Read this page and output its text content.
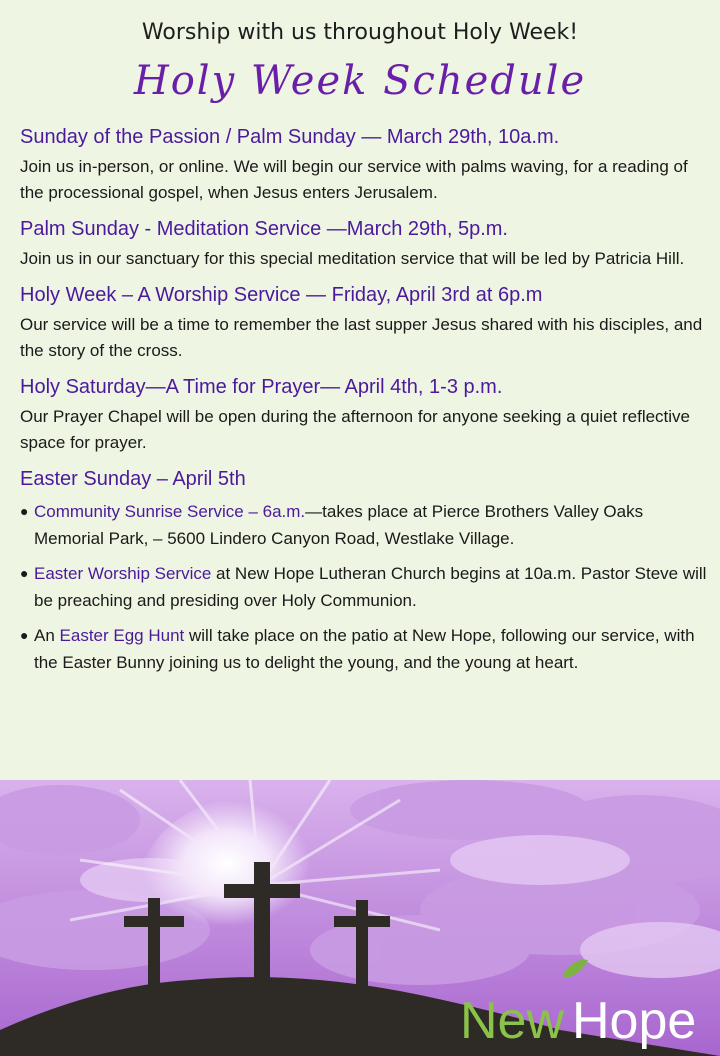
Worship with us throughout Holy Week!
Holy Week Schedule
Sunday of the Passion / Palm Sunday — March 29th, 10a.m.
Join us in-person, or online. We will begin our service with palms waving, for a reading of the processional gospel, when Jesus enters Jerusalem.
Palm Sunday - Meditation Service —March 29th, 5p.m.
Join us in our sanctuary for this special meditation service that will be led by Patricia Hill.
Holy Week – A Worship Service — Friday, April 3rd at 6p.m
Our service will be a time to remember the last supper Jesus shared with his disciples, and the story of the cross.
Holy Saturday—A Time for Prayer— April 4th, 1-3 p.m.
Our Prayer Chapel will be open during the afternoon for anyone seeking a quiet reflective space for prayer.
Easter Sunday – April 5th
● Community Sunrise Service – 6a.m.—takes place at Pierce Brothers Valley Oaks Memorial Park, – 5600 Lindero Canyon Road, Westlake Village.
● Easter Worship Service at New Hope Lutheran Church begins at 10a.m. Pastor Steve will be preaching and presiding over Holy Communion.
● An Easter Egg Hunt will take place on the patio at New Hope, following our service, with the Easter Bunny joining us to delight the young, and the young at heart.
New Hope
